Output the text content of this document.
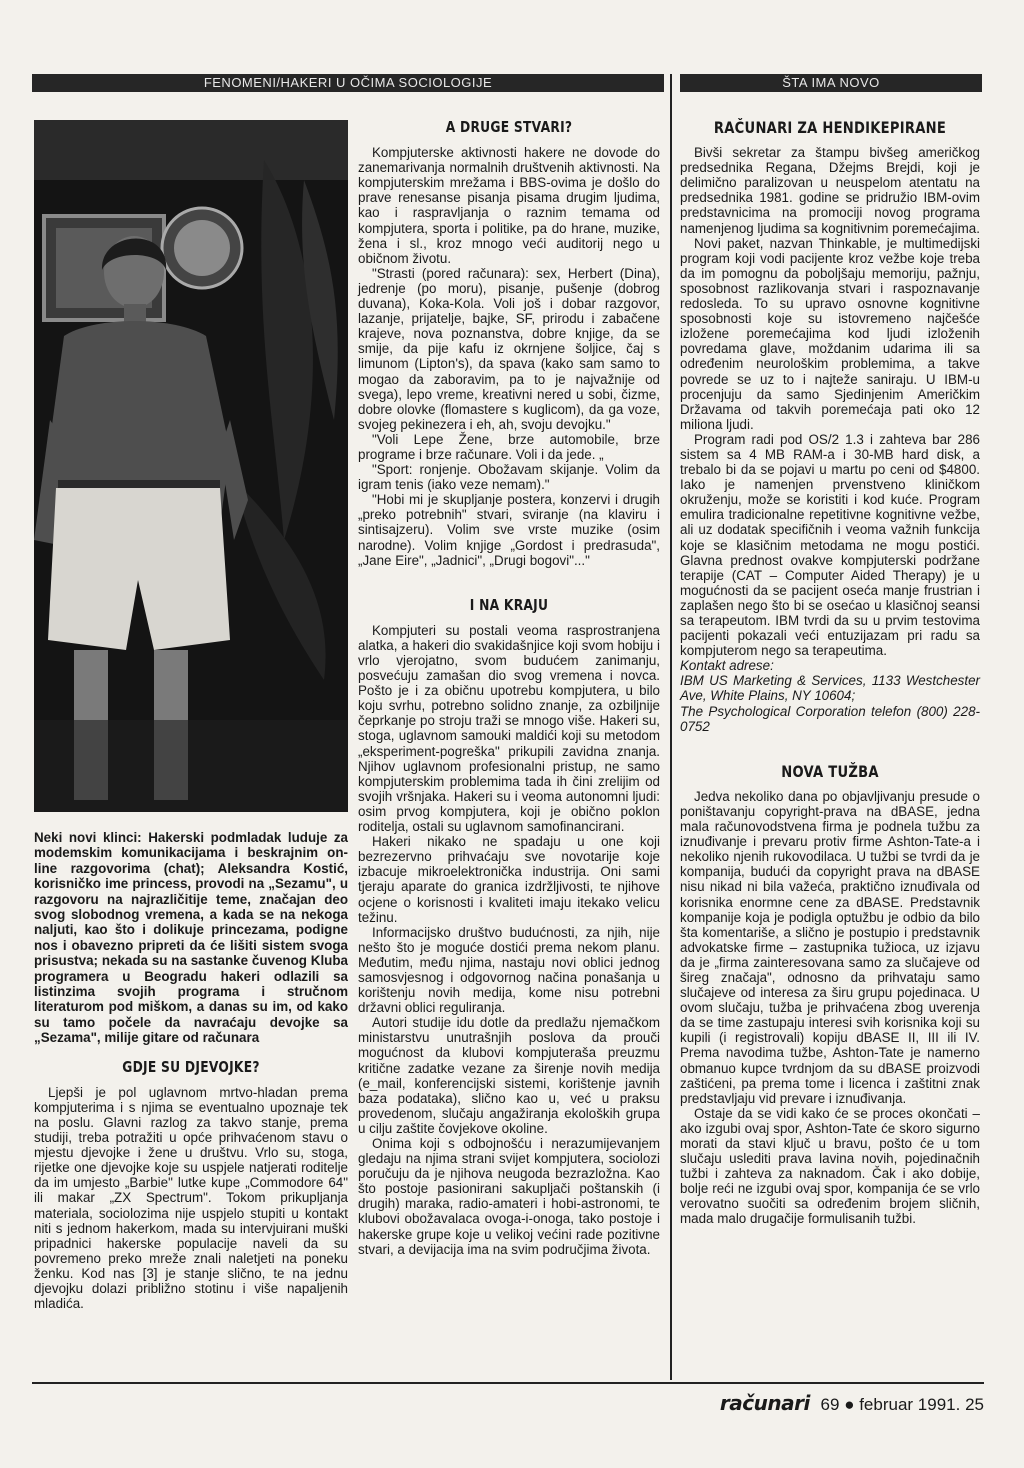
FENOMENI/HAKERI U OČIMA SOCIOLOGIJE	ŠTA IMA NOVO
Neki novi klinci: Hakerski podmladak luduje za modemskim komunikacijama i beskrajnim on-line razgovorima (chat); Aleksandra Kostić, korisničko ime princess, provodi na „Sezamu", u razgovoru na najrazličitije teme, značajan deo svog slobodnog vremena, a kada se na nekoga naljuti, kao što i dolikuje princezama, podigne nos i obavezno pripreti da će lišiti sistem svoga prisustva; nekada su na sastanke čuvenog Kluba programera u Beogradu hakeri odlazili sa listinzima svojih programa i stručnom literaturom pod miškom, a danas su im, od kako su tamo počele da navraćaju devojke sa „Sezama", milije gitare od računara
GDJE SU DJEVOJKE?

Ljepši je pol uglavnom mrtvo-hladan prema kompjuterima i s njima se eventualno upoznaje tek na poslu. Glavni razlog za takvo stanje, prema studiji, treba potražiti u opće prihvaćenom stavu o mjestu djevojke i žene u društvu. Vrlo su, stoga, rijetke one djevojke koje su uspjele natjerati roditelje da im umjesto „Barbie" lutke kupe „Commodore 64" ili makar „ZX Spectrum". Tokom prikupljanja materiala, sociolozima nije uspjelo stupiti u kontakt niti s jednom hakerkom, mada su intervjuirani muški pripadnici hakerske populacije naveli da su povremeno preko mreže znali naletjeti na poneku ženku. Kod nas [3] je stanje slično, te na jednu djevojku dolazi približno stotinu i više napaljenih mladića.

A DRUGE STVARI?

Kompjuterske aktivnosti hakere ne dovode do zanemarivanja normalnih društvenih aktivnosti. Na kompjuterskim mrežama i BBS-ovima je došlo do prave renesanse pisanja pisama drugim ljudima, kao i raspravljanja o raznim temama od kompjutera, sporta i politike, pa do hrane, muzike, žena i sl., kroz mnogo veći auditorij nego u običnom životu.

"Strasti (pored računara): sex, Herbert (Dina), jedrenje (po moru), pisanje, pušenje (dobrog duvana), Koka-Kola. Voli još i dobar razgovor, lazanje, prijatelje, bajke, SF, prirodu i zabačene krajeve, nova poznanstva, dobre knjige, da se smije, da pije kafu iz okrnjene šoljice, čaj s limunom (Lipton's), da spava (kako sam samo to mogao da zaboravim, pa to je najvažnije od svega), lepo vreme, kreativni nered u sobi, čizme, dobre olovke (flomastere s kuglicom), da ga voze, svojeg pekinezera i eh, ah, svoju devojku."

"Voli Lepe Žene, brze automobile, brze programe i brze računare. Voli i da jede. „

"Sport: ronjenje. Obožavam skijanje. Volim da igram tenis (iako veze nemam)."

"Hobi mi je skupljanje postera, konzervi i drugih „preko potrebnih" stvari, sviranje (na klaviru i sintisajzeru). Volim sve vrste muzike (osim narodne). Volim knjige „Gordost i predrasuda", „Jane Eire", „Jadnici", „Drugi bogovi"..."

I NA KRAJU

Kompjuteri su postali veoma rasprostranjena alatka, a hakeri dio svakidašnjice koji svom hobiju i vrlo vjerojatno, svom budućem zanimanju, posvećuju zamašan dio svog vremena i novca. Pošto je i za običnu upotrebu kompjutera, u bilo koju svrhu, potrebno solidno znanje, za ozbiljnije čeprkanje po stroju traži se mnogo više. Hakeri su, stoga, uglavnom samouki maldići koji su metodom „eksperiment-pogreška" prikupili zavidna znanja. Njihov uglavnom profesionalni pristup, ne samo kompjuterskim problemima tada ih čini zrelijim od svojih vršnjaka. Hakeri su i veoma autonomni ljudi: osim prvog kompjutera, koji je obično poklon roditelja, ostali su uglavnom samofinancirani.

Hakeri nikako ne spadaju u one koji bezrezervno prihvaćaju sve novotarije koje izbacuje mikroelektronička industrija. Oni sami tjeraju aparate do granica izdržljivosti, te njihove ocjene o korisnosti i kvaliteti imaju itekako velicu težinu.

Informacijsko društvo budućnosti, za njih, nije nešto što je moguće dostići prema nekom planu. Međutim, među njima, nastaju novi oblici jednog samosvjesnog i odgovornog načina ponašanja u korištenju novih medija, kome nisu potrebni državni oblici reguliranja.

Autori studije idu dotle da predlažu njemačkom ministarstvu unutrašnjih poslova da prouči mogućnost da klubovi kompjuteraša preuzmu kritične zadatke vezane za širenje novih medija (e_mail, konferencijski sistemi, korištenje javnih baza podataka), slično kao u, već u praksu provedenom, slučaju angažiranja ekoloških grupa u cilju zaštite čovjekove okoline.

Onima koji s odbojnošću i nerazumijevanjem gledaju na njima strani svijet kompjutera, sociolozi poručuju da je njihova neugoda bezrazložna. Kao što postoje pasionirani sakupljači poštanskih (i drugih) maraka, radio-amateri i hobi-astronomi, te klubovi obožavalaca ovoga-i-onoga, tako postoje i hakerske grupe koje u velikoj većini rade pozitivne stvari, a devijacija ima na svim područjima života.

RAČUNARI ZA HENDIKEPIRANE

Bivši sekretar za štampu bivšeg američkog predsednika Regana, Džejms Brejdi, koji je delimično paralizovan u neuspelom atentatu na predsednika 1981. godine se pridružio IBM-ovim predstavnicima na promociji novog programa namenjenog ljudima sa kognitivnim poremećajima.

Novi paket, nazvan Thinkable, je multimedijski program koji vodi pacijente kroz vežbe koje treba da im pomognu da poboljšaju memoriju, pažnju, sposobnost razlikovanja stvari i raspoznavanje redosleda. To su upravo osnovne kognitivne sposobnosti koje su istovremeno najčešće izložene poremećajima kod ljudi izloženih povredama glave, moždanim udarima ili sa određenim neurološkim problemima, a takve povrede se uz to i najteže saniraju. U IBM-u procenjuju da samo Sjedinjenim Američkim Državama od takvih poremećaja pati oko 12 miliona ljudi.

Program radi pod OS/2 1.3 i zahteva bar 286 sistem sa 4 MB RAM-a i 30-MB hard disk, a trebalo bi da se pojavi u martu po ceni od $4800. Iako je namenjen prvenstveno kliničkom okruženju, može se koristiti i kod kuće. Program emulira tradicionalne repetitivne kognitivne vežbe, ali uz dodatak specifičnih i veoma važnih funkcija koje se klasičnim metodama ne mogu postići. Glavna prednost ovakve kompjuterski podržane terapije (CAT – Computer Aided Therapy) je u mogućnosti da se pacijent oseća manje frustrian i zaplašen nego što bi se osećao u klasičnoj seansi sa terapeutom. IBM tvrdi da su u prvim testovima pacijenti pokazali veći entuzijazam pri radu sa kompjuterom nego sa terapeutima.

Kontakt adrese:

IBM US Marketing & Services, 1133 Westchester Ave, White Plains, NY 10604;

The Psychological Corporation telefon (800) 228-0752

NOVA TUŽBA

Jedva nekoliko dana po objavljivanju presude o poništavanju copyright-prava na dBASE, jedna mala računovodstvena firma je podnela tužbu za iznuđivanje i prevaru protiv firme Ashton-Tate-a i nekoliko njenih rukovodilaca. U tužbi se tvrdi da je kompanija, budući da copyright prava na dBASE nisu nikad ni bila važeća, praktično iznuđivala od korisnika enormne cene za dBASE. Predstavnik kompanije koja je podigla optužbu je odbio da bilo šta komentariše, a slično je postupio i predstavnik advokatske firme – zastupnika tužioca, uz izjavu da je „firma zainteresovana samo za slučajeve od šireg značaja", odnosno da prihvataju samo slučajeve od interesa za širu grupu pojedinaca. U ovom slučaju, tužba je prihvaćena zbog uverenja da se time zastupaju interesi svih korisnika koji su kupili (i registrovali) kopiju dBASE II, III ili IV. Prema navodima tužbe, Ashton-Tate je namerno obmanuo kupce tvrdnjom da su dBASE proizvodi zaštićeni, pa prema tome i licenca i zaštitni znak predstavljaju vid prevare i iznuđivanja.

Ostaje da se vidi kako će se proces okončati – ako izgubi ovaj spor, Ashton-Tate će skoro sigurno morati da stavi ključ u bravu, pošto će u tom slučaju uslediti prava lavina novih, pojedinačnih tužbi i zahteva za naknadom. Čak i ako dobije, bolje reći ne izgubi ovaj spor, kompanija će se vrlo verovatno suočiti sa određenim brojem sličnih, mada malo drugačije formulisanih tužbi.

računari 69 ● februar 1991. 25
